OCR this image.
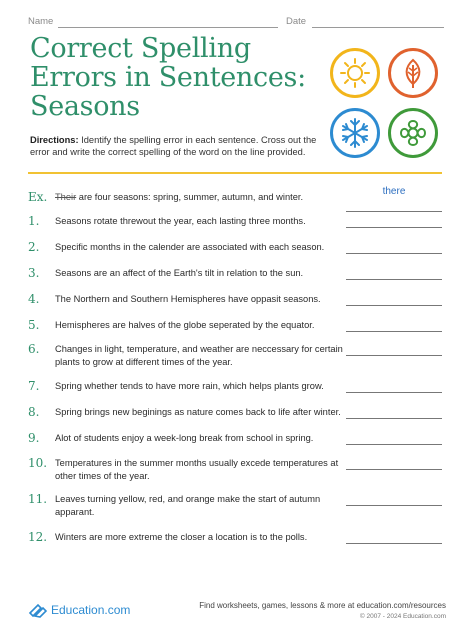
Name	Date
Correct Spelling
Errors in Sentences:
Seasons

Directions: Identify the spelling error in each sentence. Cross out the error and write the correct spelling of the word on the line provided.

Ex. Their are four seasons: spring, summer, autumn, and winter.	there
1.	Seasons rotate threwout the year, each lasting three months.
2.	Specific months in the calender are associated with each season.
3.	Seasons are an affect of the Earth's tilt in relation to the sun.
4.	The Northern and Southern Hemispheres have oppasit seasons.
5.	Hemispheres are halves of the globe seperated by the equator.
6.	Changes in light, temperature, and weather are neccessary for certain plants to grow at different times of the year.
7.	Spring whether tends to have more rain, which helps plants grow.
8.	Spring brings new beginings as nature comes back to life after winter.
9.	Alot of students enjoy a week-long break from school in spring.
10. Temperatures in the summer months usually excede temperatures at other times of the year.
11. Leaves turning yellow, red, and orange make the start of autumn apparant.
12. Winters are more extreme the closer a location is to the polls.
Education.com	Find worksheets, games, lessons & more at education.com/resources
© 2007 - 2024 Education.com
